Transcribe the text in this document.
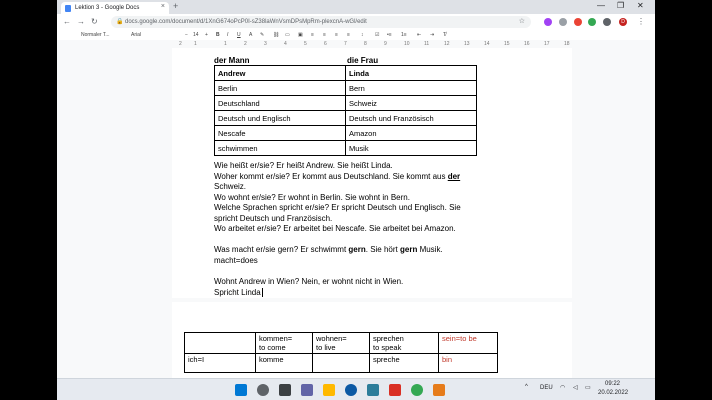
Lektion 3 - Google Docs	× +	— ❐ ✕
← → ↻	🔒 docs.google.com/document/d/1XnG674oPcP0I-sZ38laWnVsmDPsMpRm-plexcnA-wGl/edit	☆	D ⋮
Normaler T...	Arial	− 14 + B I U A ✎ ⛓ ▭ ▣ ≡ ≡ ≡ ≡ ↕ ☑ •≡ 1≡ ⇤ ⇥ T̸
2 1	1	2	3	4	5	6	7	8	9	10	11	12	13	14	15	16	17	18
der Mann	die Frau
Andrew	Linda
Berlin	Bern
Deutschland	Schweiz
Deutsch und Englisch	Deutsch und Französisch
Nescafe	Amazon
schwimmen	Musik
Wie heißt er/sie? Er heißt Andrew. Sie heißt Linda.
Woher kommt er/sie? Er kommt aus Deutschland. Sie kommt aus der
Schweiz.
Wo wohnt er/sie? Er wohnt in Berlin. Sie wohnt in Bern.
Welche Sprachen spricht er/sie? Er spricht Deutsch und Englisch. Sie
spricht Deutsch und Französisch.
Wo arbeitet er/sie? Er arbeitet bei Nescafe. Sie arbeitet bei Amazon.
Was macht er/sie gern? Er schwimmt gern. Sie hört gern Musik.
macht=does
Wohnt Andrew in Wien? Nein, er wohnt nicht in Wien.
Spricht Linda
	kommen=
to come	wohnen=
to live	sprechen
to speak	sein=to be
ich=I	komme		spreche	bin
^ DEU ◠ ◁ ▭
09:22
20.02.2022
